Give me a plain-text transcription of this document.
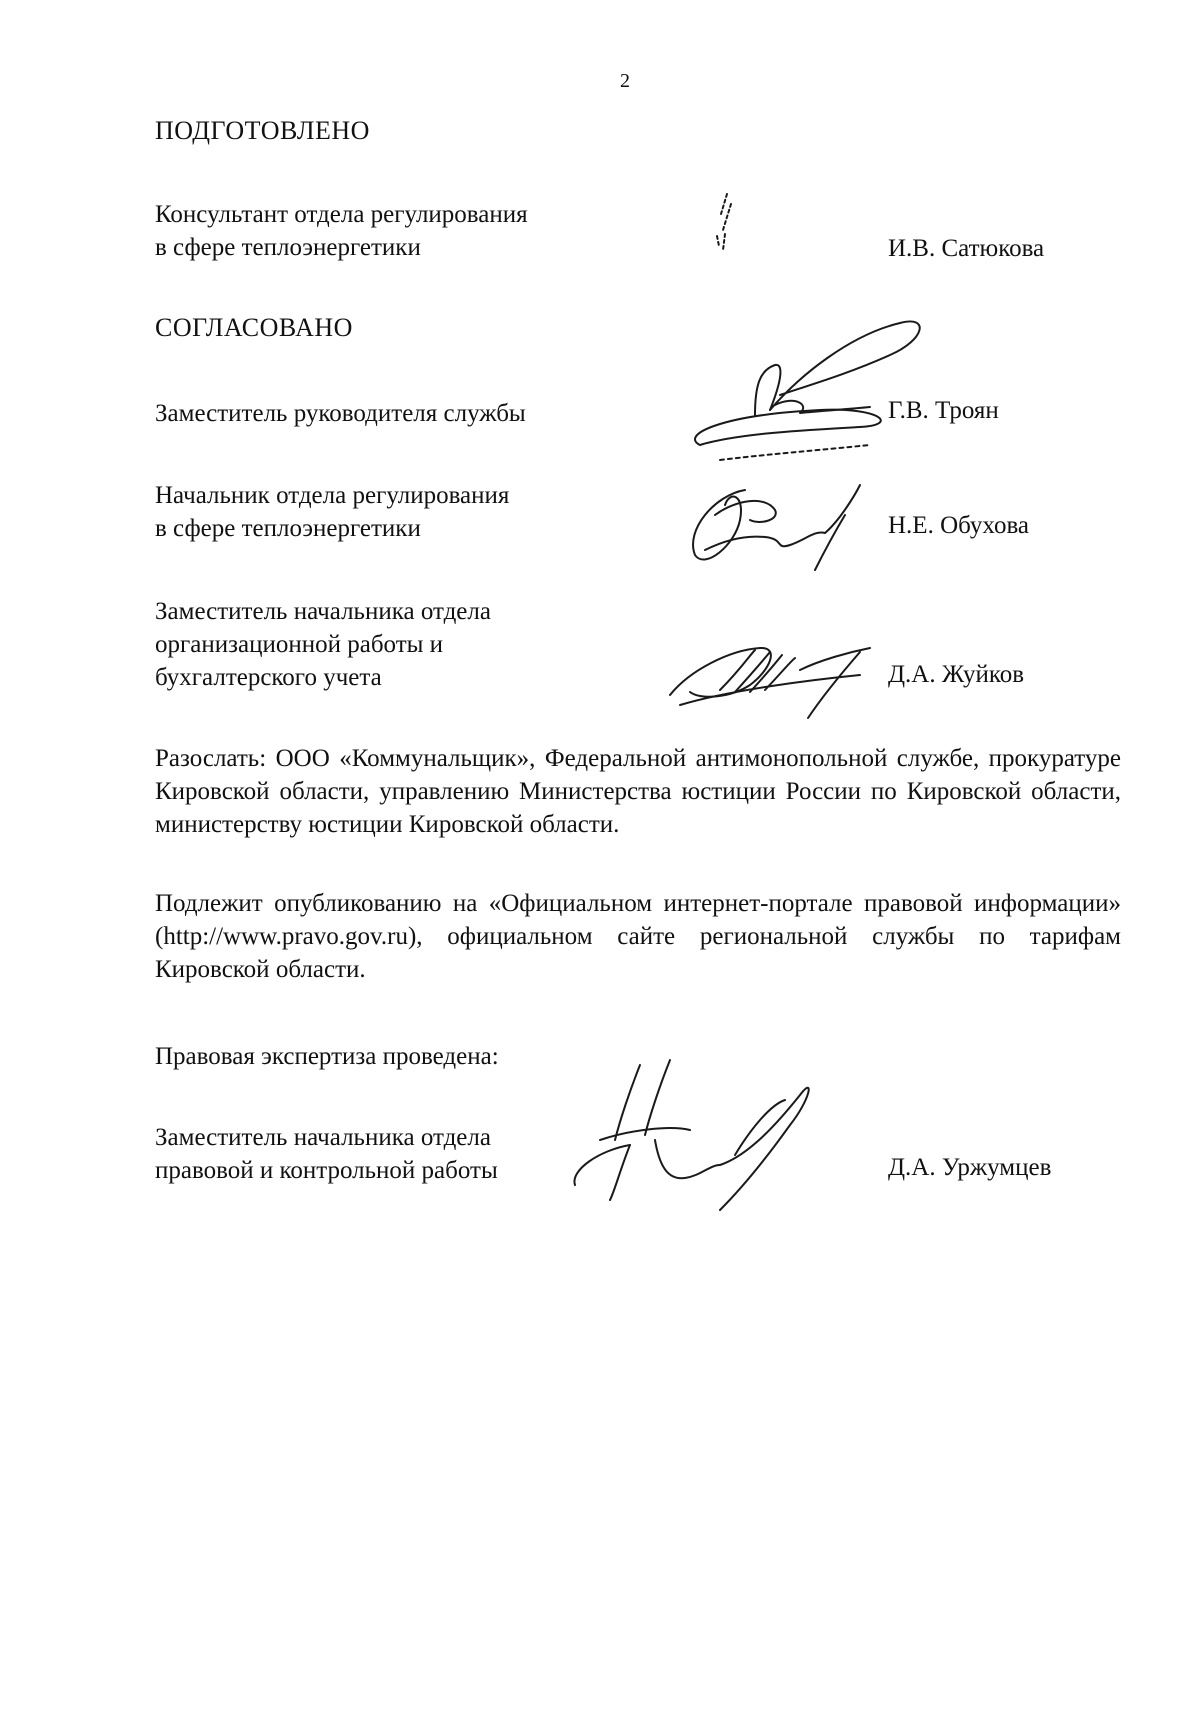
2
ПОДГОТОВЛЕНО
Консультант отдела регулирования
в сфере теплоэнергетики	И.В. Сатюкова
СОГЛАСОВАНО
Заместитель руководителя службы	Г.В. Троян
Начальник отдела регулирования
в сфере теплоэнергетики	Н.Е. Обухова
Заместитель начальника отдела
организационной работы и
бухгалтерского учета	Д.А. Жуйков
Разослать: ООО «Коммунальщик», Федеральной антимонопольной службе, прокуратуре Кировской области, управлению Министерства юстиции России по Кировской области, министерству юстиции Кировской области.
Подлежит опубликованию на «Официальном интернет-портале правовой информации» (http://www.pravo.gov.ru), официальном сайте региональной службы по тарифам Кировской области.
Правовая экспертиза проведена:
Заместитель начальника отдела
правовой и контрольной работы	Д.А. Уржумцев
